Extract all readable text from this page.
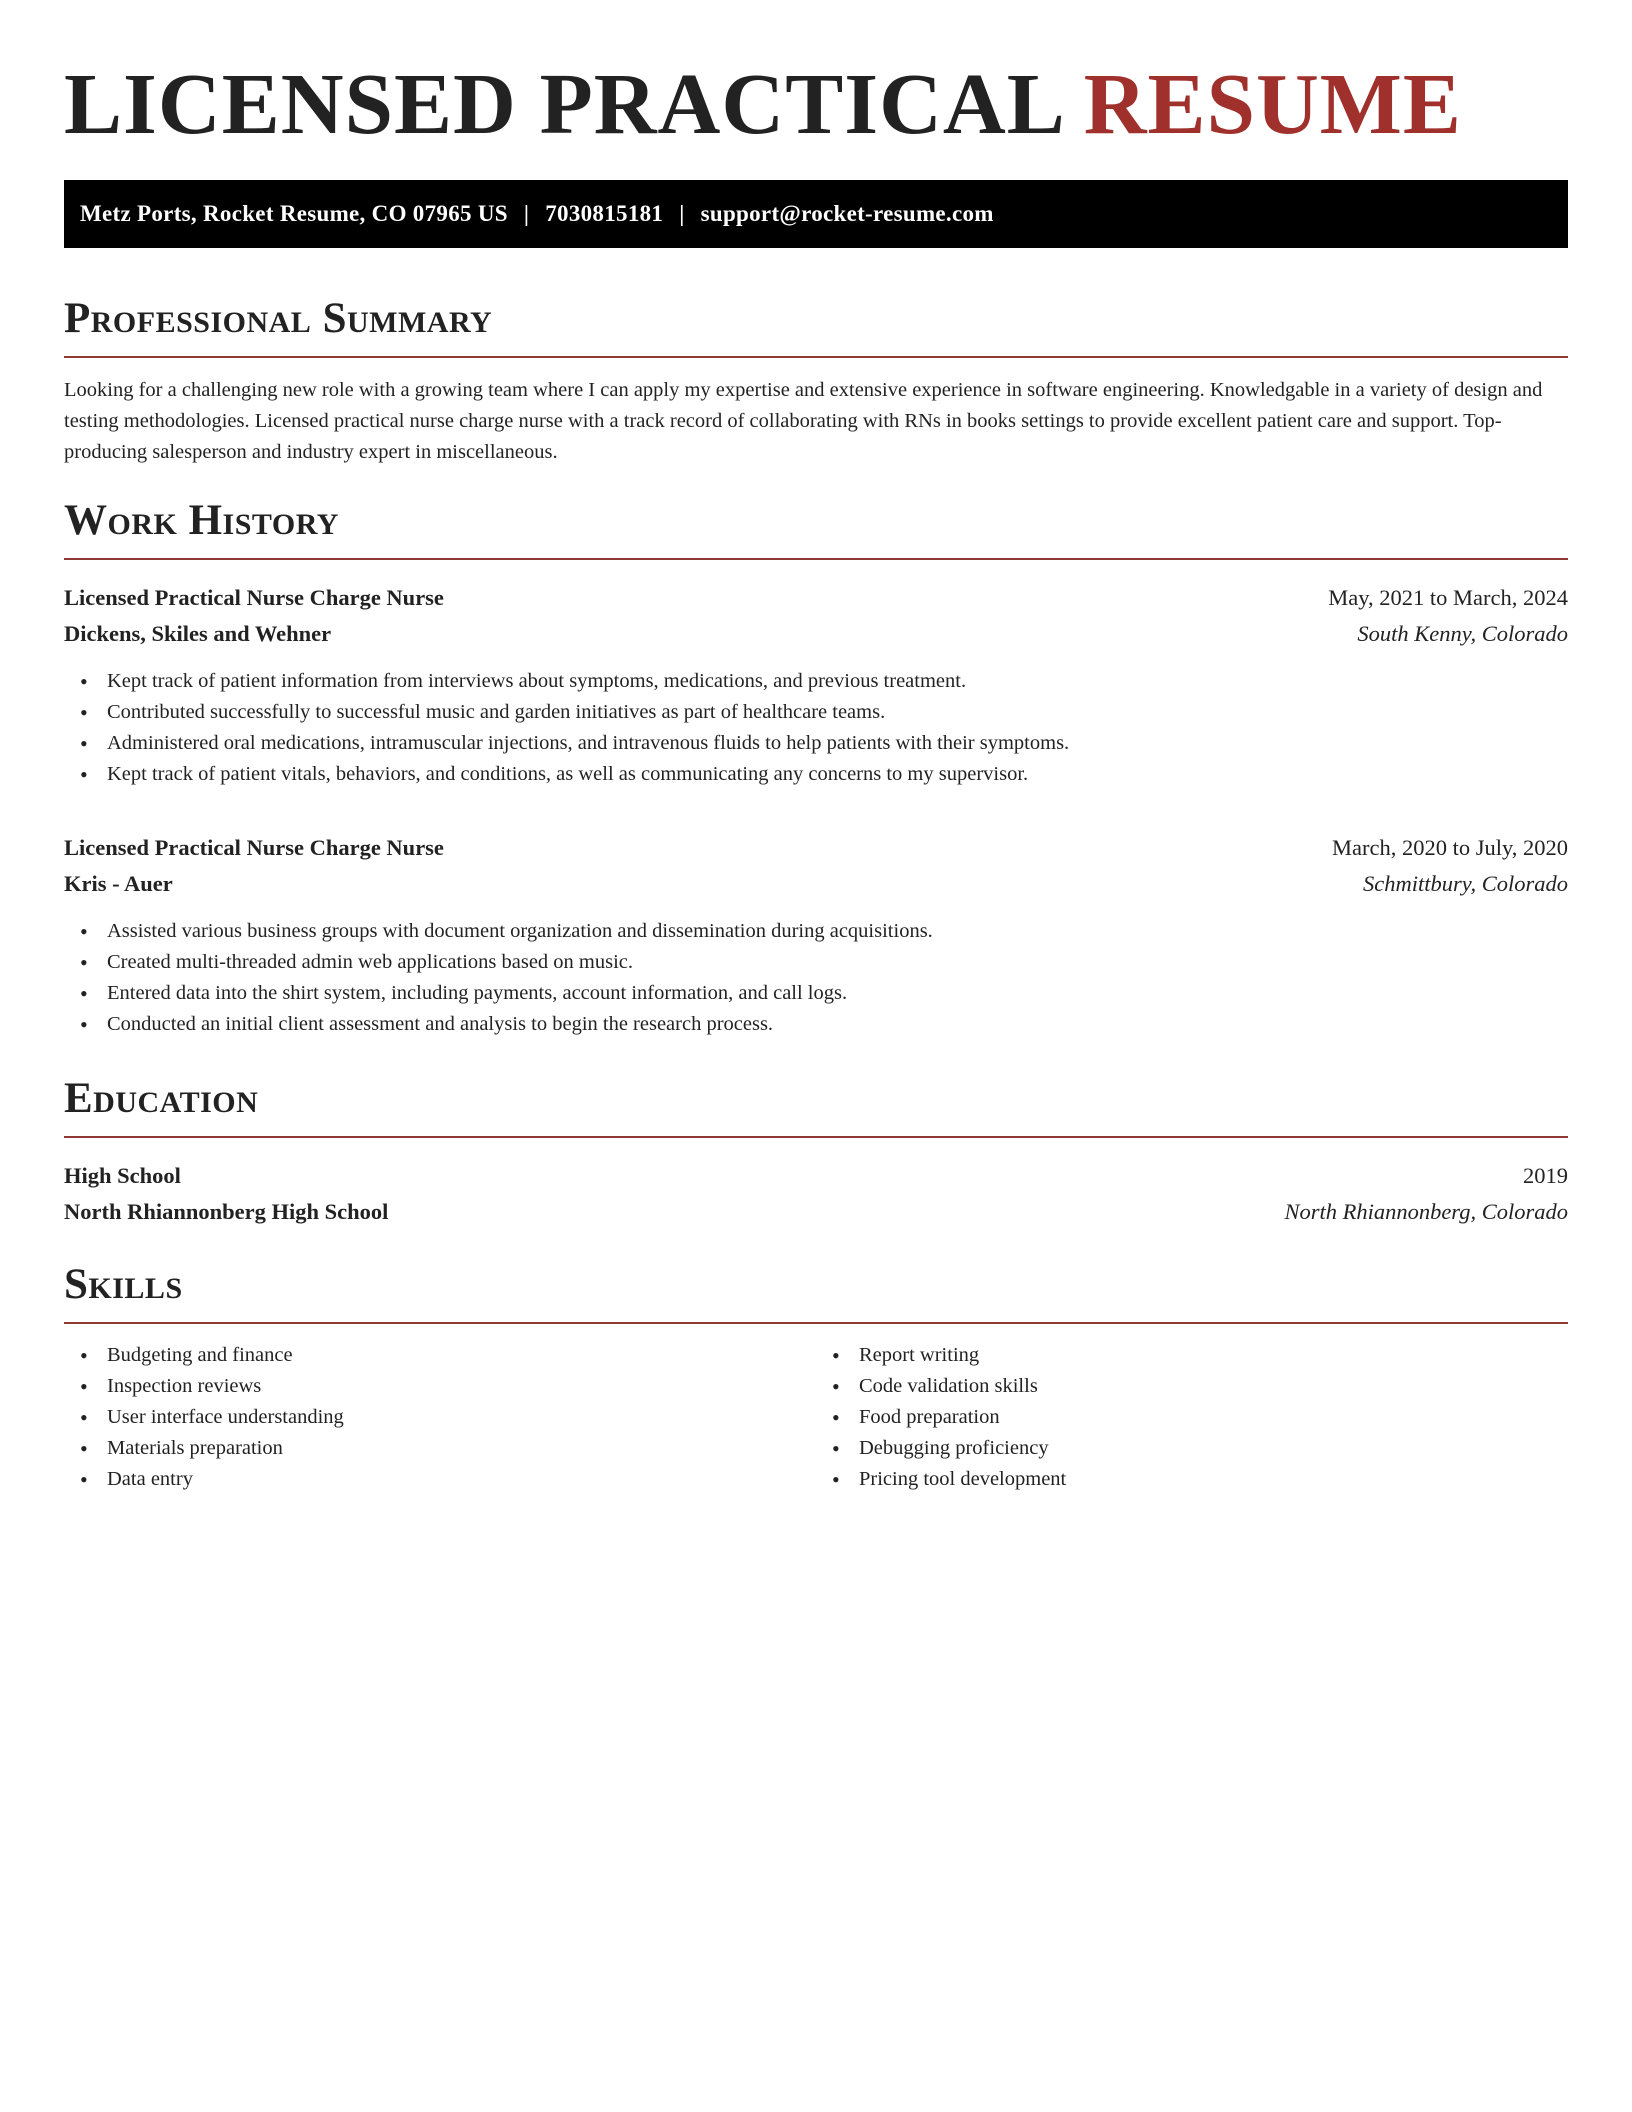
LICENSED PRACTICAL RESUME
Metz Ports, Rocket Resume, CO 07965 US | 7030815181 | support@rocket-resume.com
Professional Summary

Looking for a challenging new role with a growing team where I can apply my expertise and extensive experience in software engineering. Knowledgable in a variety of design and testing methodologies. Licensed practical nurse charge nurse with a track record of collaborating with RNs in books settings to provide excellent patient care and support. Top-producing salesperson and industry expert in miscellaneous.

Work History
Licensed Practical Nurse Charge Nurse	May, 2021 to March, 2024
Dickens, Skiles and Wehner	South Kenny, Colorado
• Kept track of patient information from interviews about symptoms, medications, and previous treatment.
• Contributed successfully to successful music and garden initiatives as part of healthcare teams.
• Administered oral medications, intramuscular injections, and intravenous fluids to help patients with their symptoms.
• Kept track of patient vitals, behaviors, and conditions, as well as communicating any concerns to my supervisor.
Licensed Practical Nurse Charge Nurse	March, 2020 to July, 2020
Kris - Auer	Schmittbury, Colorado
• Assisted various business groups with document organization and dissemination during acquisitions.
• Created multi-threaded admin web applications based on music.
• Entered data into the shirt system, including payments, account information, and call logs.
• Conducted an initial client assessment and analysis to begin the research process.
Education
High School	2019
North Rhiannonberg High School	North Rhiannonberg, Colorado
Skills
• Budgeting and finance
• Inspection reviews
• User interface understanding
• Materials preparation
• Data entry
• Report writing
• Code validation skills
• Food preparation
• Debugging proficiency
• Pricing tool development
